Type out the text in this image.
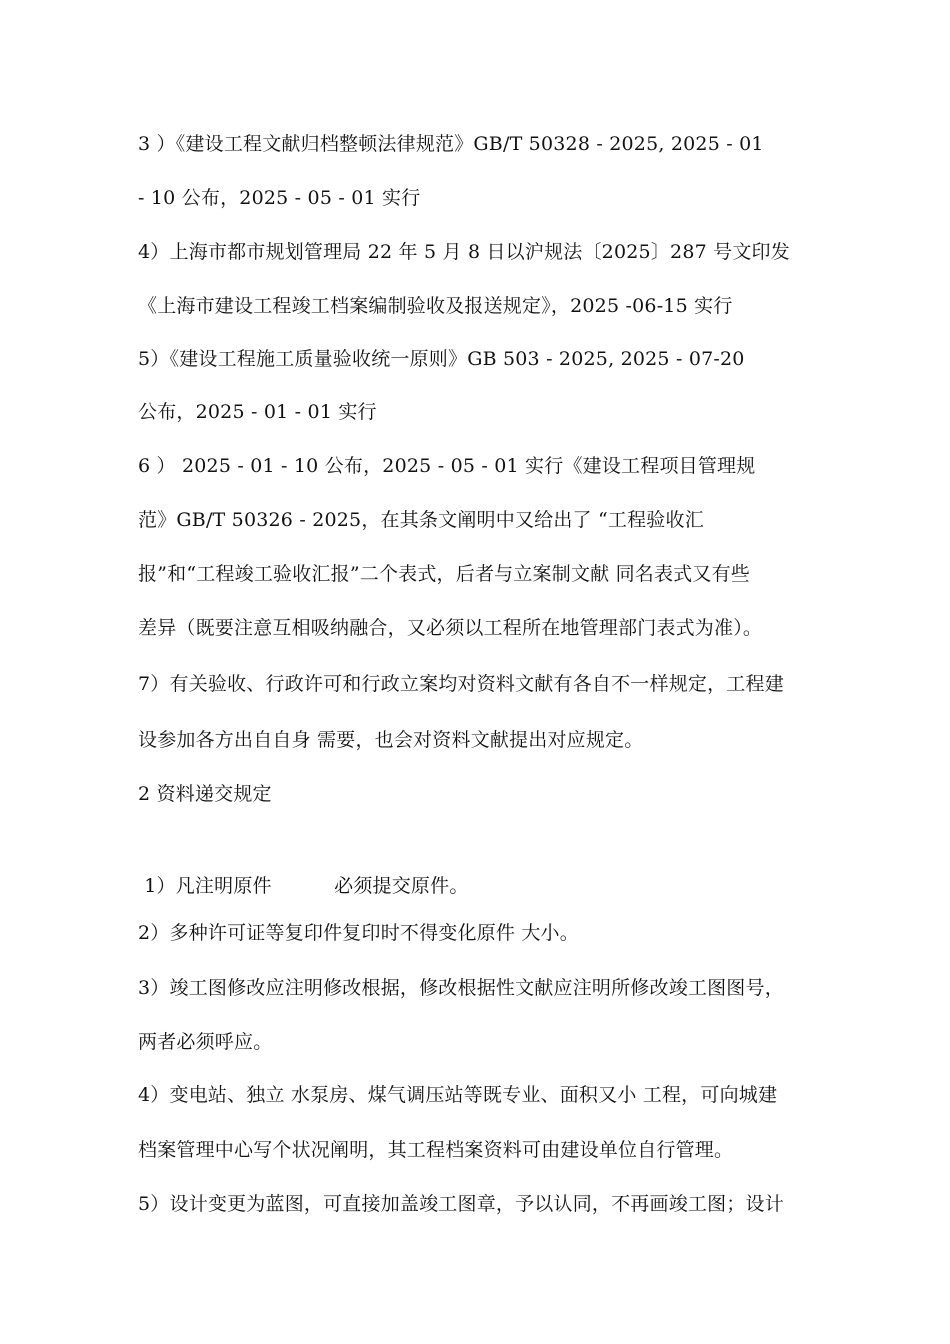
3 ）《建设工程文献归档整顿法律规范》GB/T 50328 - 2025, 2025 - 01
- 10 公布，2025 - 05 - 01 实行
4）上海市都市规划管理局 22 年 5 月 8 日以沪规法〔2025〕287 号文印发
《上海市建设工程竣工档案编制验收及报送规定》，2025 -06-15 实行
5）《建设工程施工质量验收统一原则》GB 503 - 2025, 2025 - 07-20
公布，2025 - 01 - 01 实行
6 ） 2025 - 01 - 10 公布，2025 - 05 - 01 实行《建设工程项目管理规
范》GB/T 50326 - 2025，在其条文阐明中又给出了 “工程验收汇
报”和“工程竣工验收汇报”二个表式，后者与立案制文献 同名表式又有些
差异（既要注意互相吸纳融合，又必须以工程所在地管理部门表式为准）。
7）有关验收、行政许可和行政立案均对资料文献有各自不一样规定，工程建
设参加各方出自自身 需要，也会对资料文献提出对应规定。
2 资料递交规定
1）凡注明原件          必须提交原件。
2）多种许可证等复印件复印时不得变化原件 大小。
3）竣工图修改应注明修改根据，修改根据性文献应注明所修改竣工图图号，
两者必须呼应。
4）变电站、独立 水泵房、煤气调压站等既专业、面积又小 工程，可向城建
档案管理中心写个状况阐明，其工程档案资料可由建设单位自行管理。
5）设计变更为蓝图，可直接加盖竣工图章，予以认同，不再画竣工图；设计
